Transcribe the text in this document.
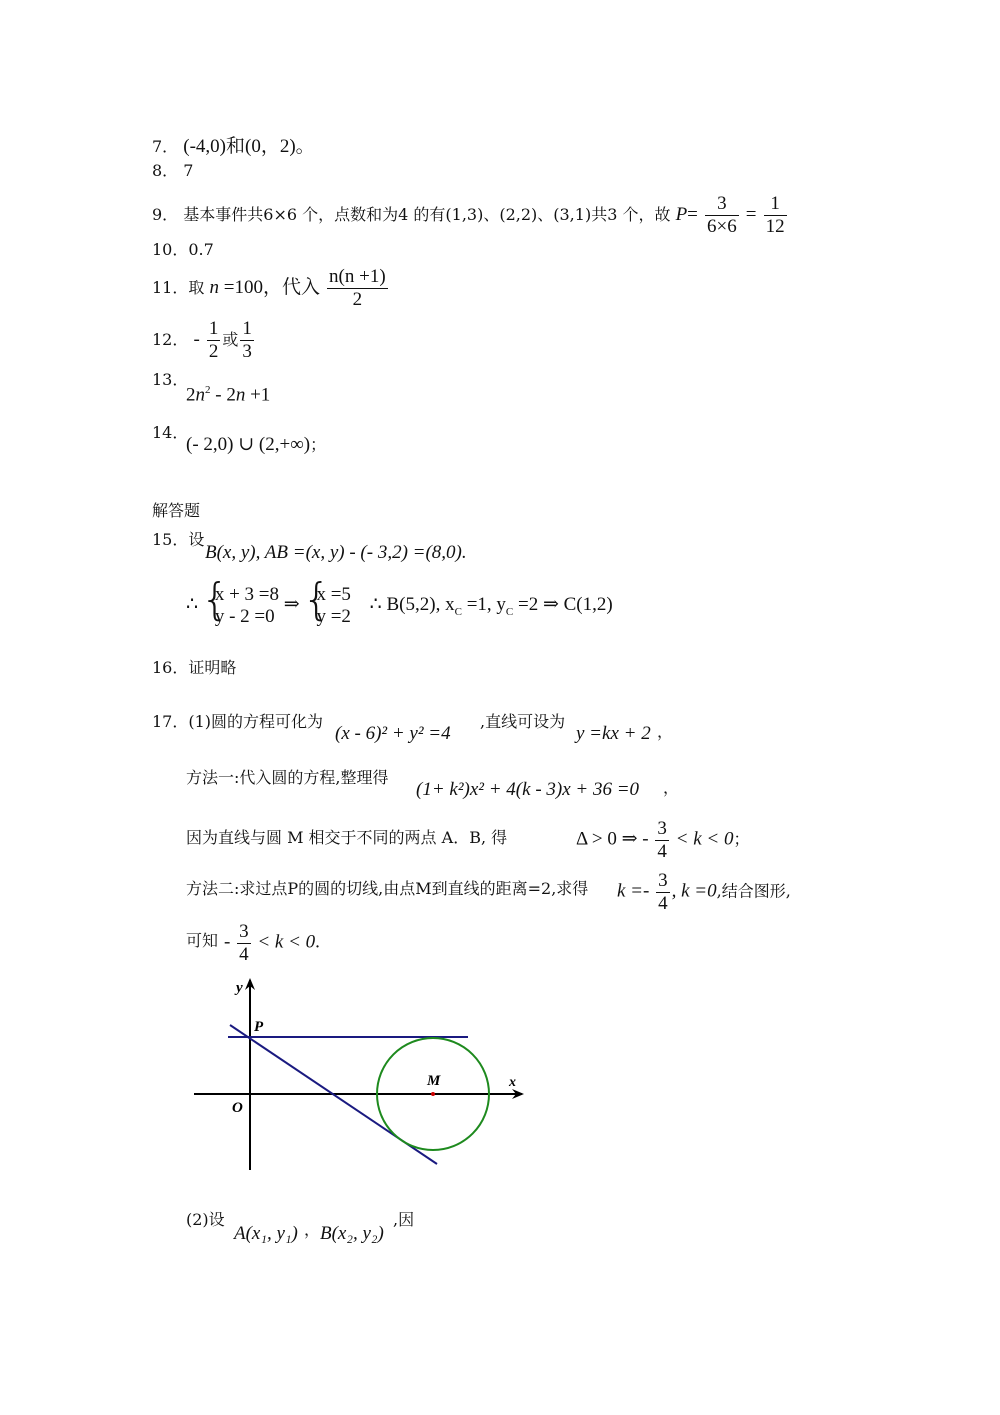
7． (-4,0)和(0，2)。
8． 7
9． 基本事件共6×6 个，点数和为4 的有(1,3)、(2,2)、(3,1)共3 个，故 $P= \frac{3}{6\times 6} = \frac{1}{12}$
10．0.7
11．取 n =100，代入 $\frac{n(n +1)}{2}$
12． - $\frac{1}{2}$ 或 $\frac{1}{3}$
13．
$2n^2 - 2n +1$
14．
(- 2,0) ∪ (2,+∞)；
解答题
15．设
B(x, y), AB =(x, y) - (- 3,2) =(8,0).
∴ { x + 3 =8
y - 2 =0
⇒ { x =5
y =2
∴ B(5,2), $x_C =1$, $y_C =2$ ⇒ C(1,2)
16．证明略
17．(1)圆的方程可化为
(x - 6)² + y² =4
,直线可设为
y =kx + 2 ，
方法一:代入圆的方程,整理得
(1+ k²)x² + 4(k - 3)x + 36 =0 ，
因为直线与圆 M 相交于不同的两点 A．B, 得	Δ > 0 ⇒ - $\frac{3}{4} < k < 0$；
方法二:求过点P的圆的切线,由点M到直线的距离=2,求得 $k =- \frac{3}{4}$ , k =0,结合图形,
可知 - $\frac{3}{4} < k < 0$.
y
x
P
O
M
(2)设
A(x₁, y₁) ， B(x₂, y₂)
,因
